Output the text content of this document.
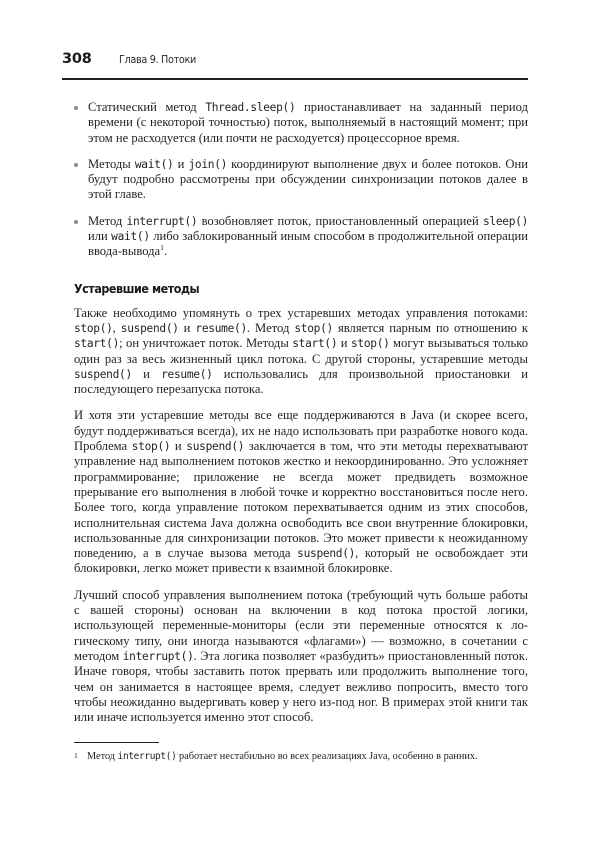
308	Глава 9. Потоки
Статический метод Thread.sleep() приостанавливает на заданный период времени (с некоторой точностью) поток, выполняемый в настоящий момент; при этом не расходуется (или почти не расходуется) процессорное время.
Методы wait() и join() координируют выполнение двух и более потоков. Они будут подробно рассмотрены при обсуждении синхронизации потоков далее в этой главе.
Метод interrupt() возобновляет поток, приостановленный операцией sleep() или wait() либо заблокированный иным способом в продолжительной операции ввода-вывода$^1$.
Устаревшие методы

Также необходимо упомянуть о трех устаревших методах управления потоками: stop(), suspend() и resume(). Метод stop() является парным по отношению к start(); он уничтожает поток. Методы start() и stop() могут вызываться только один раз за весь жизненный цикл потока. С другой стороны, устаревшие методы suspend() и resume() использовались для произвольной приостановки и последующего перезапуска потока.

И хотя эти устаревшие методы все еще поддерживаются в Java (и скорее всего, будут поддерживаться всегда), их не надо использовать при разработке нового кода. Проблема stop() и suspend() заключается в том, что эти методы перехватывают управление над выполнением потоков жестко и некоординированно. Это усложняет программирование; приложение не всегда может предвидеть возможное прерывание его выполнения в любой точке и корректно восстановиться после него. Более того, когда управление потоком перехватывается одним из этих способов, исполнительная система Java должна освободить все свои внутренние блокировки, использованные для синхронизации потоков. Это может привести к неожиданному поведению, а в случае вызова метода suspend(), который не освобождает эти блокировки, легко может привести к взаимной блокировке.

Лучший способ управления выполнением потока (требующий чуть больше работы с вашей стороны) основан на включении в код потока простой логики, использующей переменные-мониторы (если эти переменные относятся к логическому типу, они иногда называются «флагами») — возможно, в сочетании с методом interrupt(). Эта логика позволяет «разбудить» приостановленный поток. Иначе говоря, чтобы заставить поток прервать или продолжить выполнение того, чем он занимается в настоящее время, следует вежливо попросить, вместо того чтобы неожиданно выдергивать ковер у него из-под ног. В примерах этой книги так или иначе используется именно этот способ.

1 Метод interrupt() работает нестабильно во всех реализациях Java, особенно в ранних.
